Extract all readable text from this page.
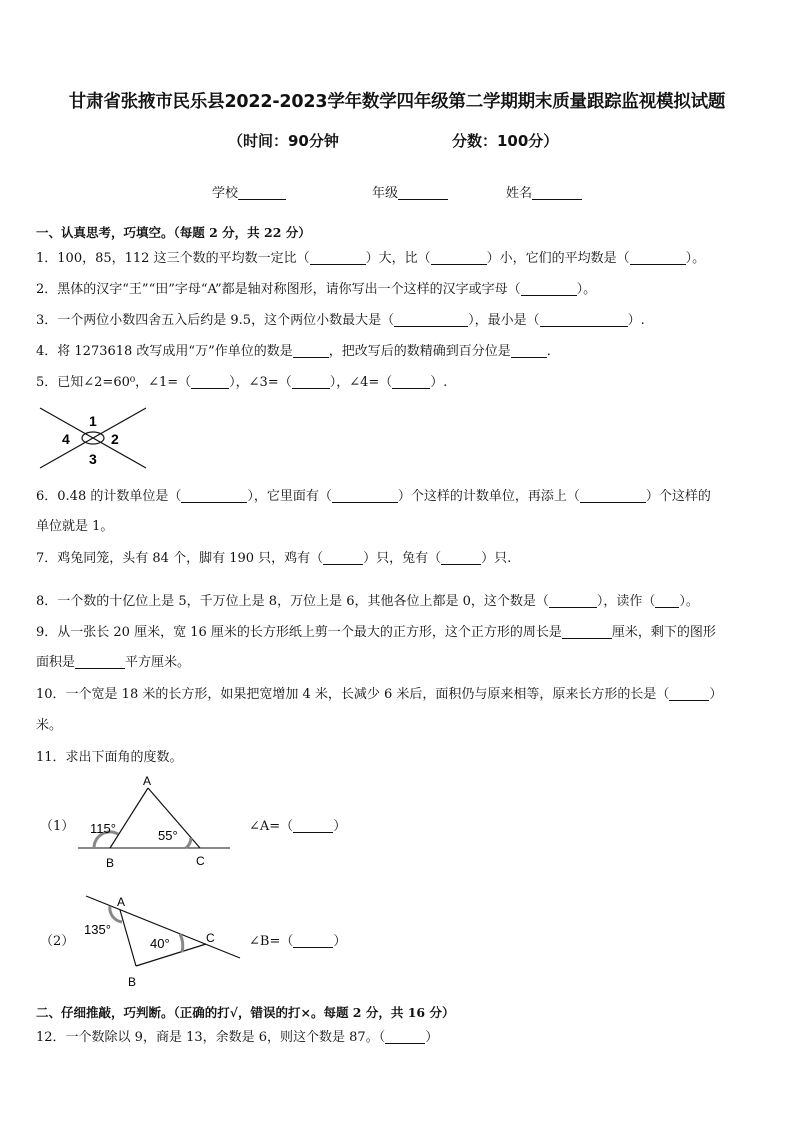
甘肃省张掖市民乐县2022-2023学年数学四年级第二学期期末质量跟踪监视模拟试题
（时间：90分钟	分数：100分）
学校	年级	姓名
一、认真思考，巧填空。（每题 2 分，共 22 分）
1．100，85，112 这三个数的平均数一定比（	）大，比（	）小，它们的平均数是（	）。
2．黑体的汉字“王”“田”字母“A”都是轴对称图形，请你写出一个这样的汉字或字母（	）。
3．一个两位小数四舍五入后约是 9.5，这个两位小数最大是（	），最小是（	）.
4．将 1273618 改写成用“万”作单位的数是	，把改写后的数精确到百分位是	．
5．已知∠2=60⁰，∠1=（	），∠3=（	），∠4=（	）.
1
2
3
4
6．0.48 的计数单位是（	），它里面有（	）个这样的计数单位，再添上（	）个这样的
单位就是 1。
7．鸡兔同笼，头有 84 个，脚有 190 只，鸡有（	）只，兔有（	）只.
8．一个数的十亿位上是 5，千万位上是 8，万位上是 6，其他各位上都是 0，这个数是（	），读作（ ）。
9．从一张长 20 厘米，宽 16 厘米的长方形纸上剪一个最大的正方形，这个正方形的周长是	厘米，剩下的图形
面积是	平方厘米。
10．一个宽是 18 米的长方形，如果把宽增加 4 米，长减少 6 米后，面积仍与原来相等，原来长方形的长是（	）
米。
11．求出下面角的度数。
（1） 115°	55°
A
B	C
∠A=（	）
（2）
135°
40°
A
B
C	∠B=（	）
二、仔细推敲，巧判断。（正确的打√，错误的打×。每题 2 分，共 16 分）
12．一个数除以 9，商是 13，余数是 6，则这个数是 87。（	）
